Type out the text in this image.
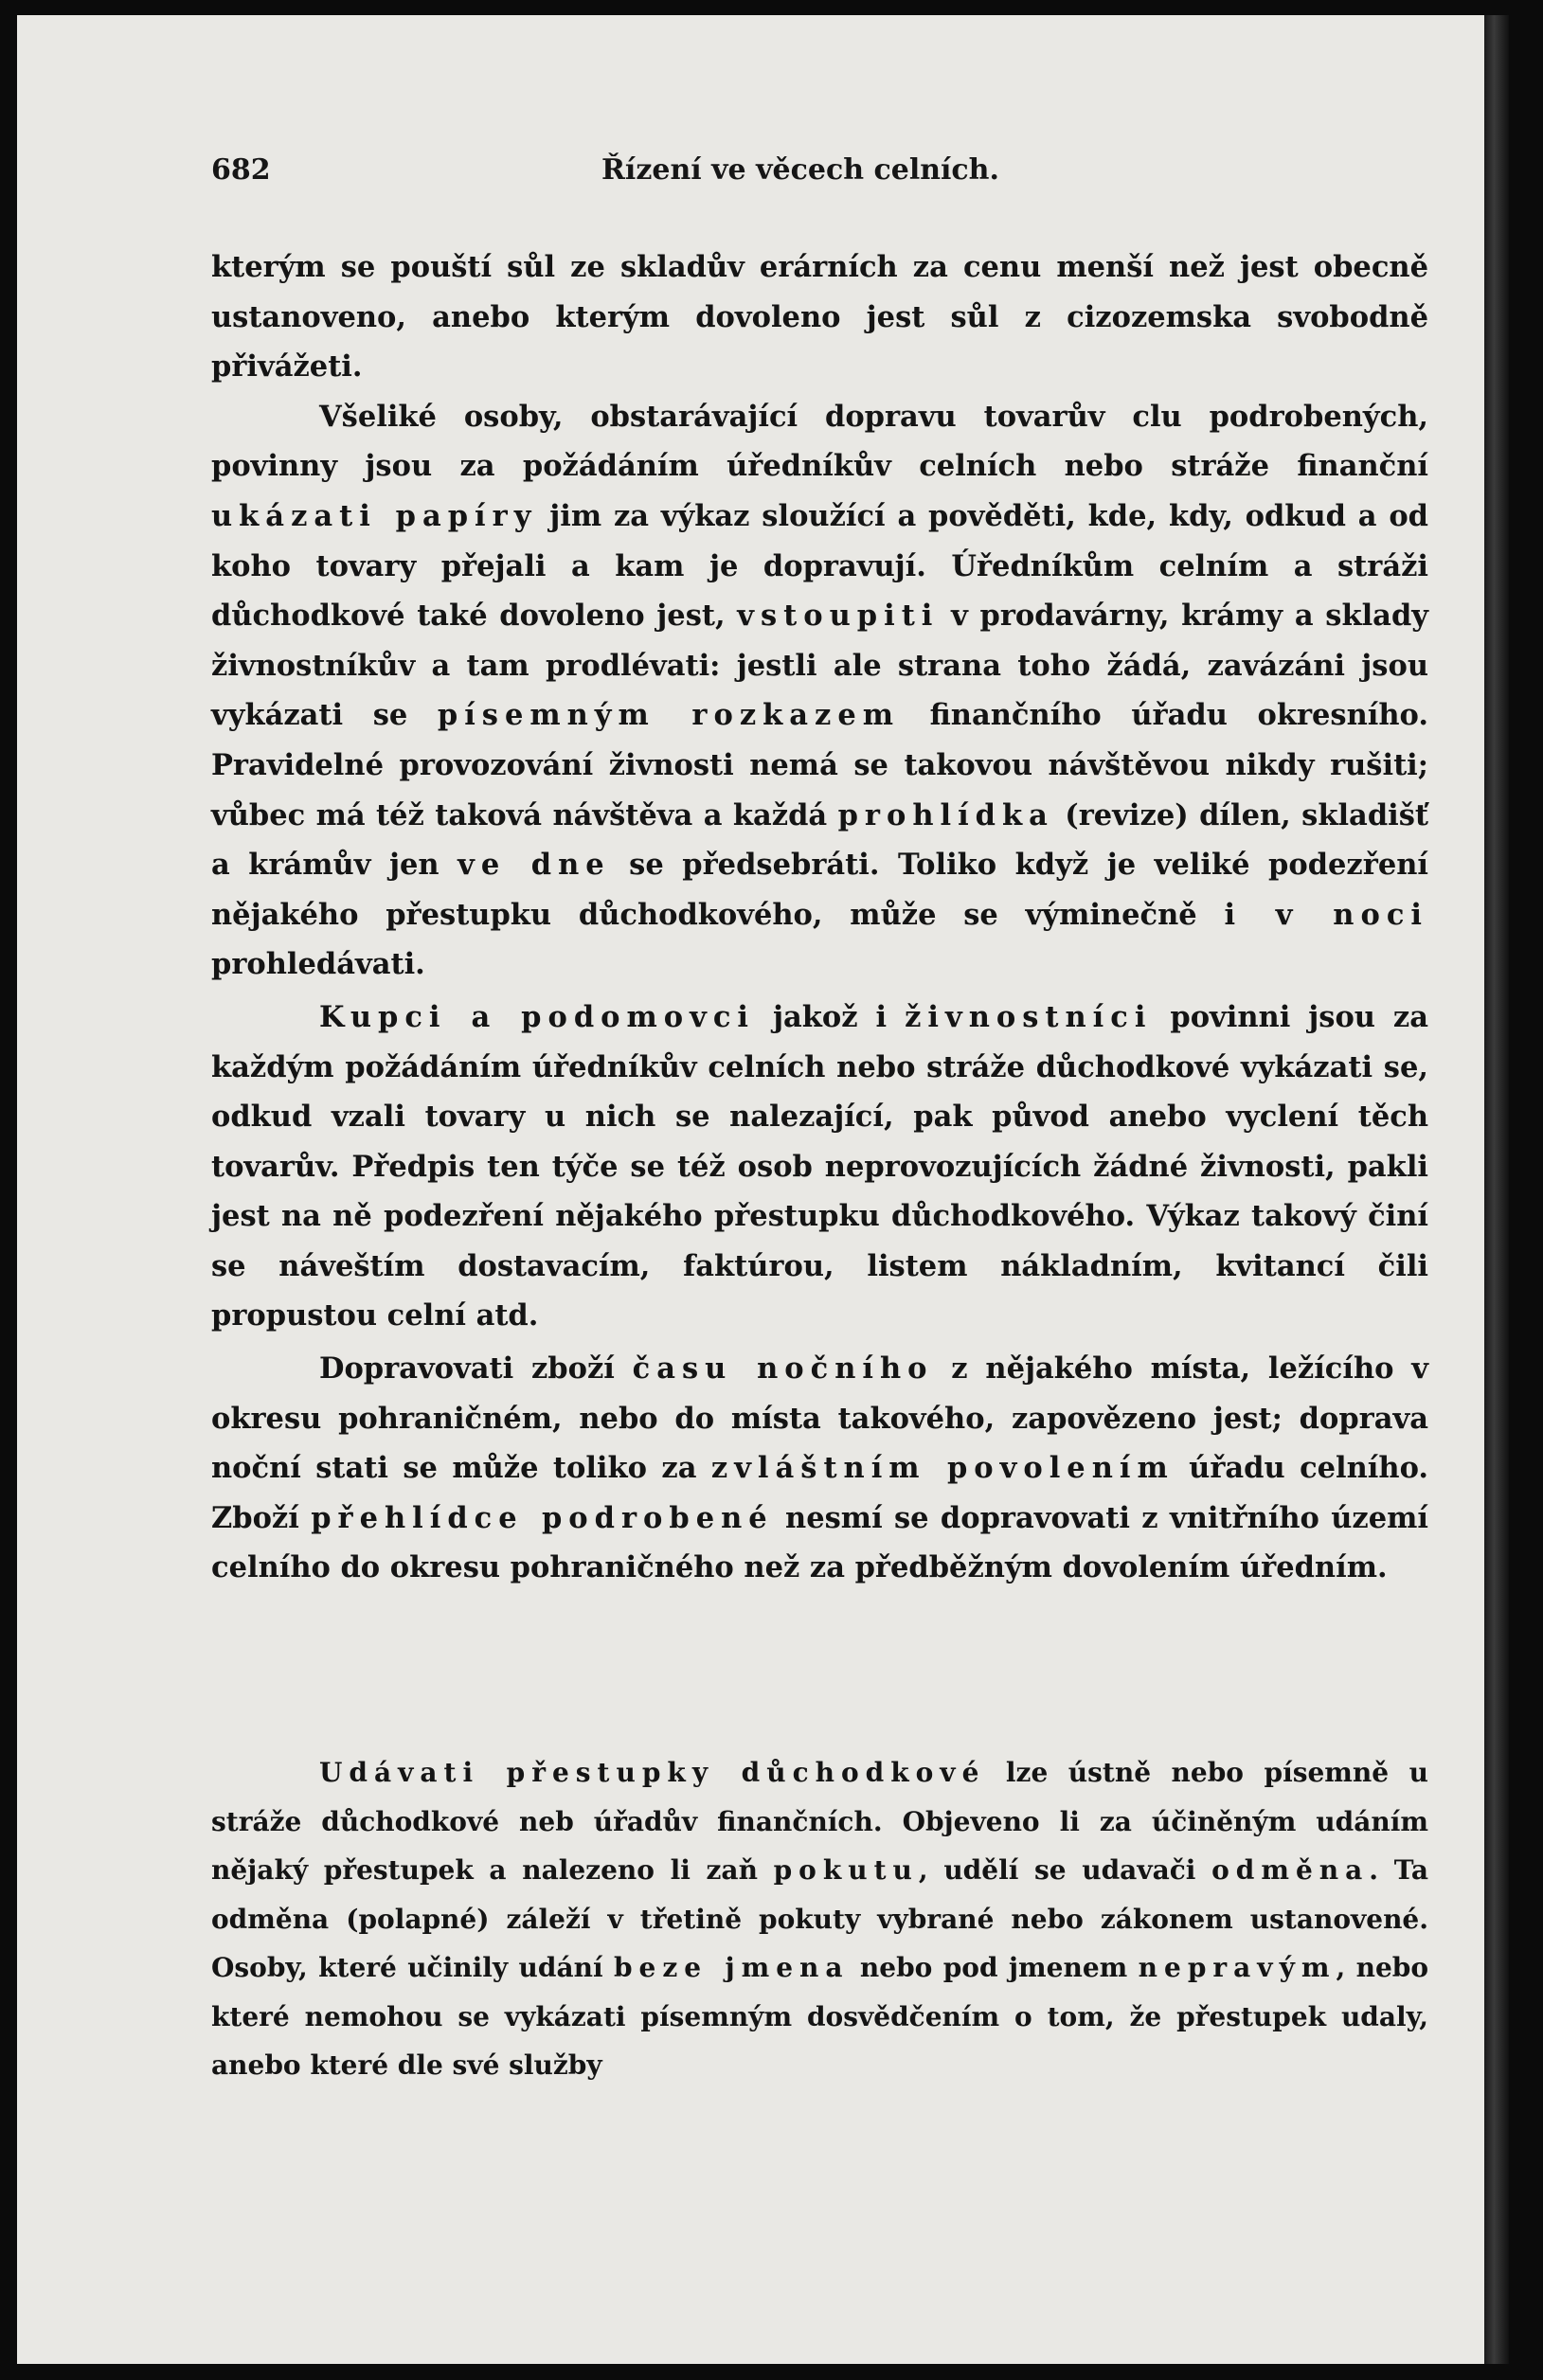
682	Řízení ve věcech celních.

kterým se pouští sůl ze skladův erárních za cenu menší než jest obecně ustanoveno, anebo kterým dovoleno jest sůl z cizozemska svobodně přivážeti.

Všeliké osoby, obstarávající dopravu tovarův clu podrobených, povinny jsou za požádáním úředníkův celních nebo stráže finanční ukázati papíry jim za výkaz sloužící a pověděti, kde, kdy, odkud a od koho tovary přejali a kam je dopravují. Úředníkům celním a stráži důchodkové také dovoleno jest, vstoupiti v prodavárny, krámy a sklady živnostníkův a tam prodlévati: jestli ale strana toho žádá, zavázáni jsou vykázati se písemným rozkazem finančního úřadu okresního. Pravidelné provozování živnosti nemá se takovou návštěvou nikdy rušiti; vůbec má též taková návštěva a každá prohlídka (revize) dílen, skladišť a krámův jen ve dne se předsebráti. Toliko když je veliké podezření nějakého přestupku důchodkového, může se výminečně i v noci prohledávati.

Kupci a podomovci jakož i živnostníci povinni jsou za každým požádáním úředníkův celních nebo stráže důchodkové vykázati se, odkud vzali tovary u nich se nalezající, pak původ anebo vyclení těch tovarův. Předpis ten týče se též osob neprovozujících žádné živnosti, pakli jest na ně podezření nějakého přestupku důchodkového. Výkaz takový činí se náveštím dostavacím, faktúrou, listem nákladním, kvitancí čili propustou celní atd.

Dopravovati zboží času nočního z nějakého místa, ležícího v okresu pohraničném, nebo do místa takového, zapovězeno jest; doprava noční stati se může toliko za zvláštním povolením úřadu celního. Zboží přehlídce podrobené nesmí se dopravovati z vnitřního území celního do okresu pohraničného než za předběžným dovolením úředním.

Udávati přestupky důchodkové lze ústně nebo písemně u stráže důchodkové neb úřadův finančních. Objeveno li za účiněným udáním nějaký přestupek a nalezeno li zaň pokutu, udělí se udavači odměna. Ta odměna (polapné) záleží v třetině pokuty vybrané nebo zákonem ustanovené. Osoby, které učinily udání beze jmena nebo pod jmenem nepravým, nebo které nemohou se vykázati písemným dosvědčením o tom, že přestupek udaly, anebo které dle své služby
